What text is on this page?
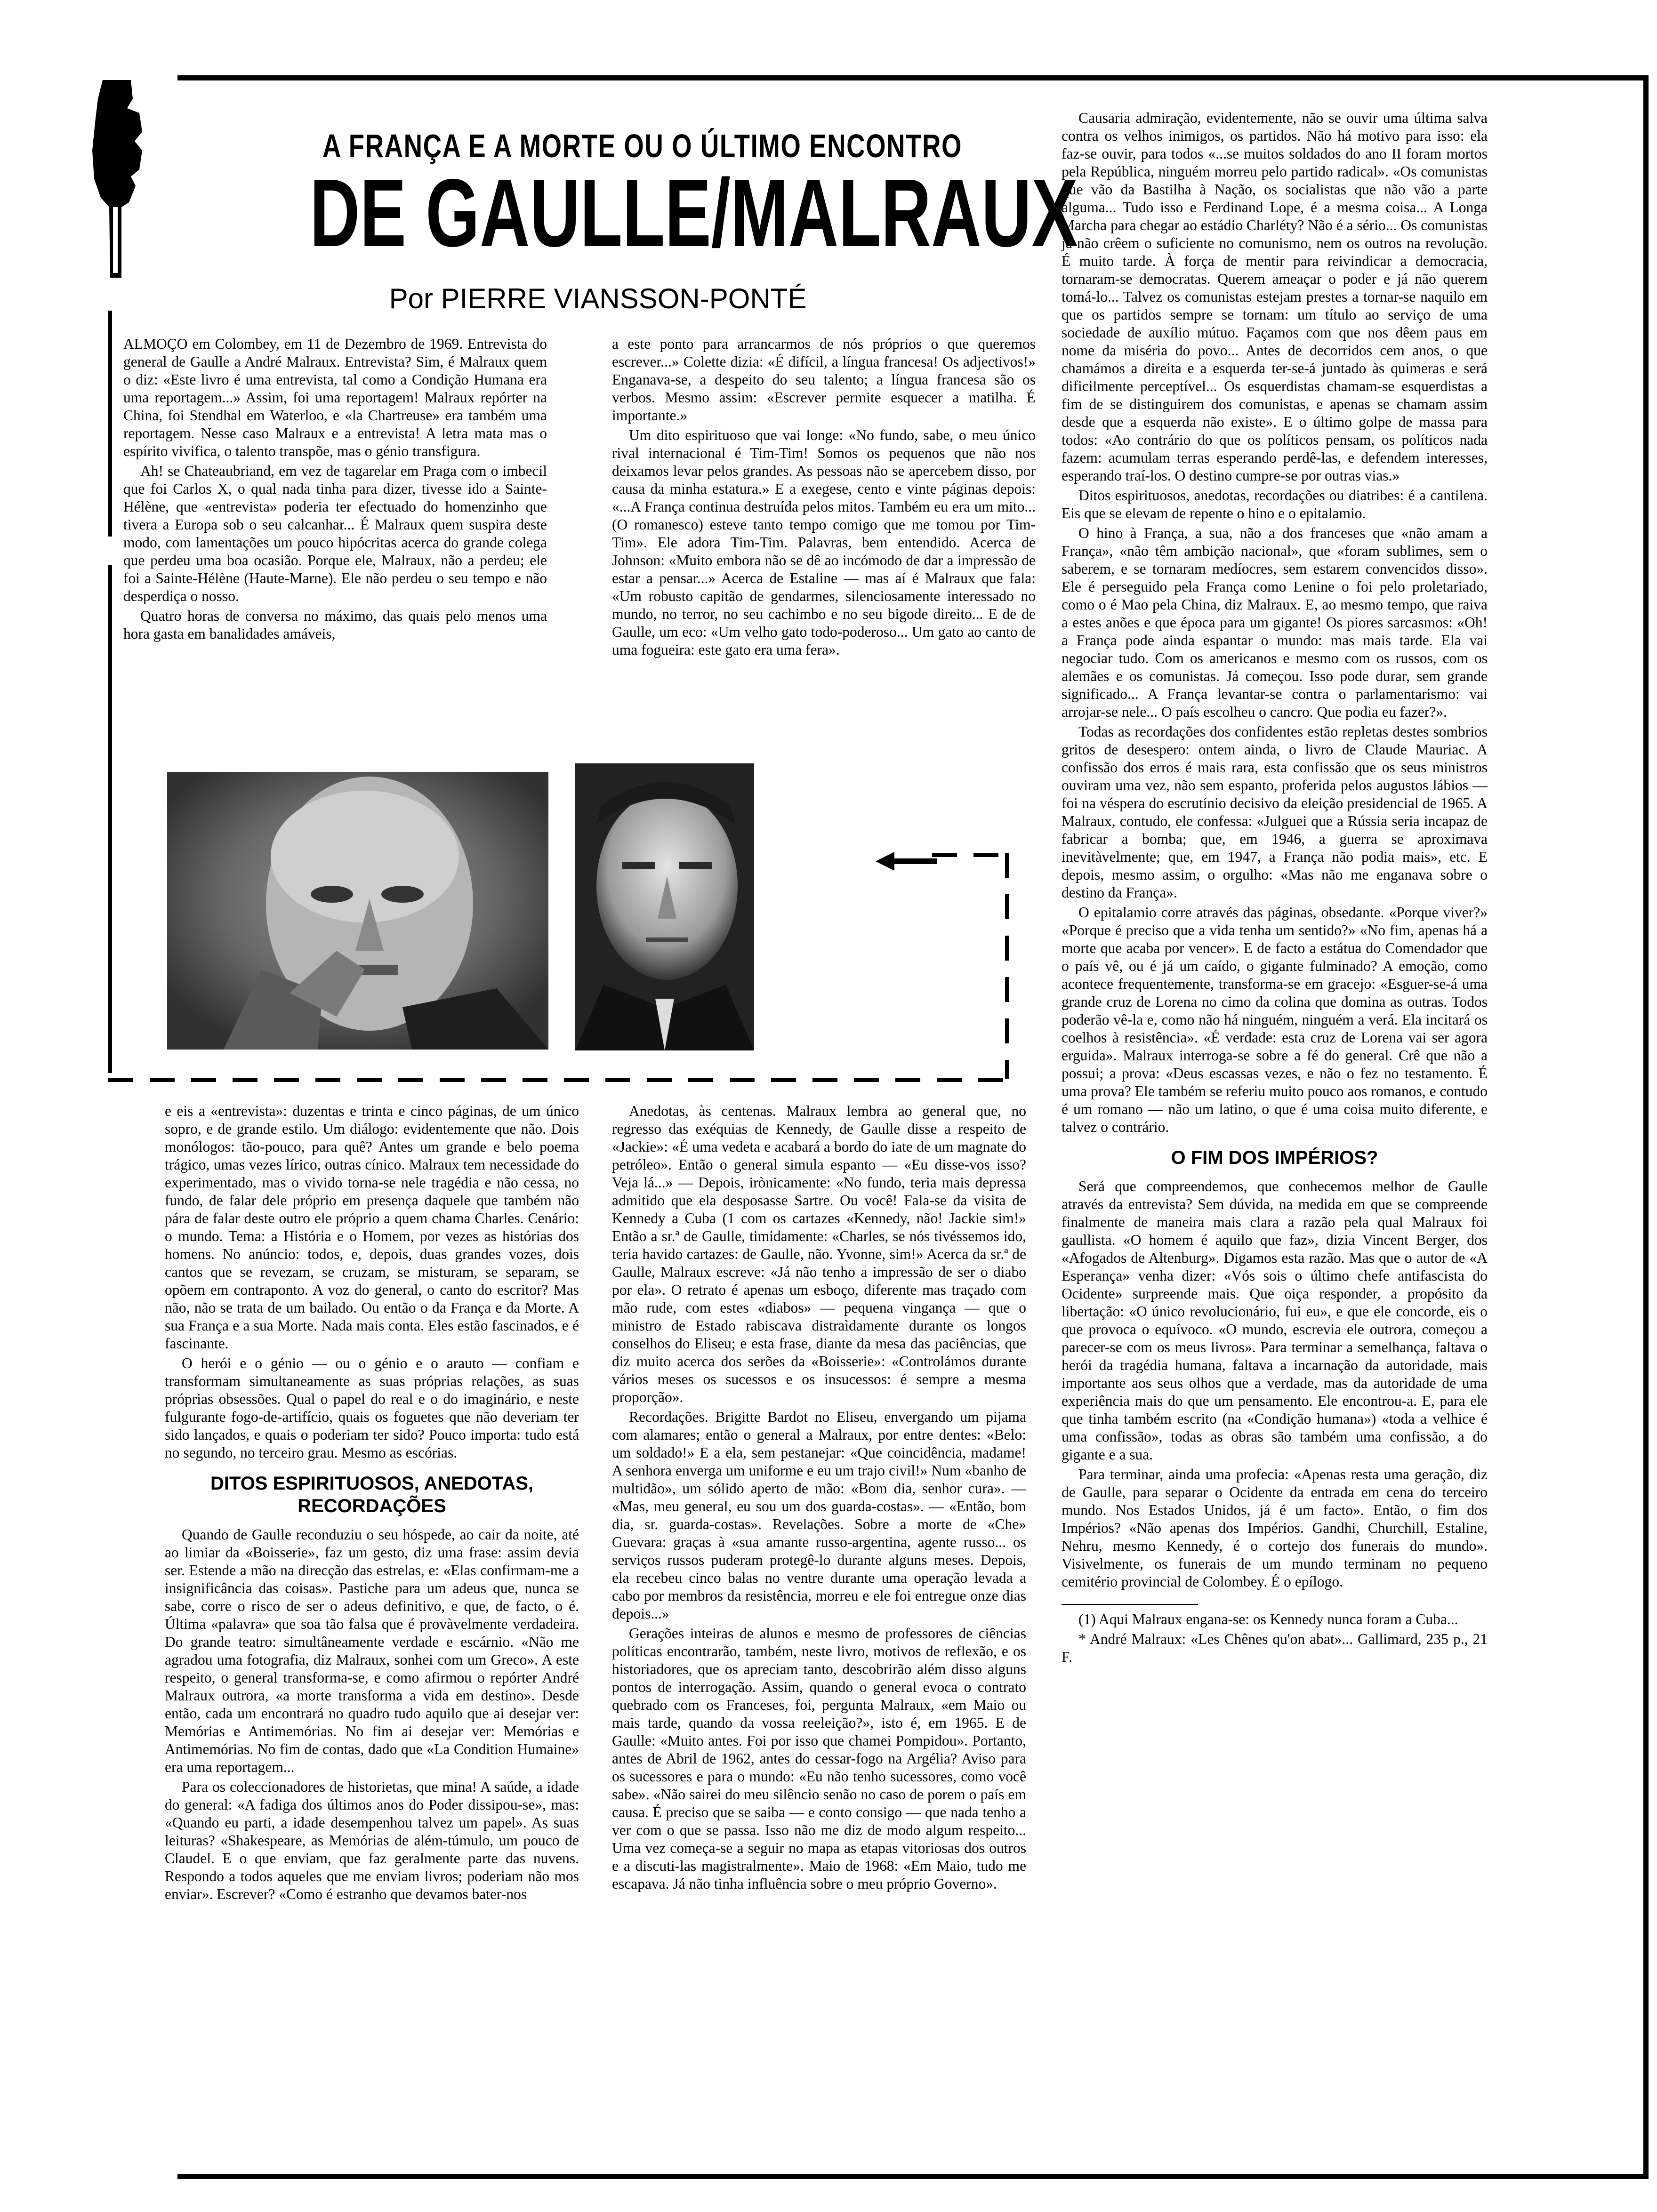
A FRANÇA E A MORTE OU O ÚLTIMO ENCONTRO
DE GAULLE/MALRAUX
Por PIERRE VIANSSON-PONTÉ

ALMOÇO em Colombey, em 11 de Dezembro de 1969. Entrevista do general de Gaulle a André Malraux. Entrevista? Sim, é Malraux quem o diz: «Este livro é uma entrevista, tal como a Condição Humana era uma reportagem...» Assim, foi uma reportagem! Malraux repórter na China, foi Stendhal em Waterloo, e «la Chartreuse» era também uma reportagem. Nesse caso Malraux e a entrevista! A letra mata mas o espírito vivifica, o talento transpõe, mas o génio transfigura.

Ah! se Chateaubriand, em vez de tagarelar em Praga com o imbecil que foi Carlos X, o qual nada tinha para dizer, tivesse ido a Sainte-Hélène, que «entrevista» poderia ter efectuado do homenzinho que tivera a Europa sob o seu calcanhar... É Malraux quem suspira deste modo, com lamentações um pouco hipócritas acerca do grande colega que perdeu uma boa ocasião. Porque ele, Malraux, não a perdeu; ele foi a Sainte-Hélène (Haute-Marne). Ele não perdeu o seu tempo e não desperdiça o nosso.

Quatro horas de conversa no máximo, das quais pelo menos uma hora gasta em banalidades amáveis,

a este ponto para arrancarmos de nós próprios o que queremos escrever...» Colette dizia: «É difícil, a língua francesa! Os adjectivos!» Enganava-se, a despeito do seu talento; a língua francesa são os verbos. Mesmo assim: «Escrever permite esquecer a matilha. É importante.»

Um dito espirituoso que vai longe: «No fundo, sabe, o meu único rival internacional é Tim-Tim! Somos os pequenos que não nos deixamos levar pelos grandes. As pessoas não se apercebem disso, por causa da minha estatura.» E a exegese, cento e vinte páginas depois: «...A França continua destruída pelos mitos. Também eu era um mito... (O romanesco) esteve tanto tempo comigo que me tomou por Tim-Tim». Ele adora Tim-Tim. Palavras, bem entendido. Acerca de Johnson: «Muito embora não se dê ao incómodo de dar a impressão de estar a pensar...» Acerca de Estaline — mas aí é Malraux que fala: «Um robusto capitão de gendarmes, silenciosamente interessado no mundo, no terror, no seu cachimbo e no seu bigode direito... E de de Gaulle, um eco: «Um velho gato todo-poderoso... Um gato ao canto de uma fogueira: este gato era uma fera».

e eis a «entrevista»: duzentas e trinta e cinco páginas, de um único sopro, e de grande estilo. Um diálogo: evidentemente que não. Dois monólogos: tão-pouco, para quê? Antes um grande e belo poema trágico, umas vezes lírico, outras cínico. Malraux tem necessidade do experimentado, mas o vivido torna-se nele tragédia e não cessa, no fundo, de falar dele próprio em presença daquele que também não pára de falar deste outro ele próprio a quem chama Charles. Cenário: o mundo. Tema: a História e o Homem, por vezes as histórias dos homens. No anúncio: todos, e, depois, duas grandes vozes, dois cantos que se revezam, se cruzam, se misturam, se separam, se opõem em contraponto. A voz do general, o canto do escritor? Mas não, não se trata de um bailado. Ou então o da França e da Morte. A sua França e a sua Morte. Nada mais conta. Eles estão fascinados, e é fascinante.

O herói e o génio — ou o génio e o arauto — confiam e transformam simultaneamente as suas próprias relações, as suas próprias obsessões. Qual o papel do real e o do imaginário, e neste fulgurante fogo-de-artifício, quais os foguetes que não deveriam ter sido lançados, e quais o poderiam ter sido? Pouco importa: tudo está no segundo, no terceiro grau. Mesmo as escórias.

DITOS ESPIRITUOSOS, ANEDOTAS, RECORDAÇÕES

Quando de Gaulle reconduziu o seu hóspede, ao cair da noite, até ao limiar da «Boisserie», faz um gesto, diz uma frase: assim devia ser. Estende a mão na direcção das estrelas, e: «Elas confirmam-me a insignificância das coisas». Pastiche para um adeus que, nunca se sabe, corre o risco de ser o adeus definitivo, e que, de facto, o é. Última «palavra» que soa tão falsa que é provàvelmente verdadeira. Do grande teatro: simultâneamente verdade e escárnio. «Não me agradou uma fotografia, diz Malraux, sonhei com um Greco». A este respeito, o general transforma-se, e como afirmou o repórter André Malraux outrora, «a morte transforma a vida em destino». Desde então, cada um encontrará no quadro tudo aquilo que ai desejar ver: Memórias e Antimemórias. No fim ai desejar ver: Memórias e Antimemórias. No fim de contas, dado que «La Condition Humaine» era uma reportagem...

Para os coleccionadores de historietas, que mina! A saúde, a idade do general: «A fadiga dos últimos anos do Poder dissipou-se», mas: «Quando eu parti, a idade desempenhou talvez um papel». As suas leituras? «Shakespeare, as Memórias de além-túmulo, um pouco de Claudel. E o que enviam, que faz geralmente parte das nuvens. Respondo a todos aqueles que me enviam livros; poderiam não mos enviar». Escrever? «Como é estranho que devamos bater-nos

Anedotas, às centenas. Malraux lembra ao general que, no regresso das exéquias de Kennedy, de Gaulle disse a respeito de «Jackie»: «É uma vedeta e acabará a bordo do iate de um magnate do petróleo». Então o general simula espanto — «Eu disse-vos isso? Veja lá...» — Depois, irònicamente: «No fundo, teria mais depressa admitido que ela desposasse Sartre. Ou você! Fala-se da visita de Kennedy a Cuba (1 com os cartazes «Kennedy, não! Jackie sim!» Então a sr.ª de Gaulle, timidamente: «Charles, se nós tivéssemos ido, teria havido cartazes: de Gaulle, não. Yvonne, sim!» Acerca da sr.ª de Gaulle, Malraux escreve: «Já não tenho a impressão de ser o diabo por ela». O retrato é apenas um esboço, diferente mas traçado com mão rude, com estes «diabos» — pequena vingança — que o ministro de Estado rabiscava distraìdamente durante os longos conselhos do Eliseu; e esta frase, diante da mesa das paciências, que diz muito acerca dos serões da «Boisserie»: «Controlámos durante vários meses os sucessos e os insucessos: é sempre a mesma proporção».

Recordações. Brigitte Bardot no Eliseu, envergando um pijama com alamares; então o general a Malraux, por entre dentes: «Belo: um soldado!» E a ela, sem pestanejar: «Que coincidência, madame! A senhora enverga um uniforme e eu um trajo civil!» Num «banho de multidão», um sólido aperto de mão: «Bom dia, senhor cura». — «Mas, meu general, eu sou um dos guarda-costas». — «Então, bom dia, sr. guarda-costas». Revelações. Sobre a morte de «Che» Guevara: graças à «sua amante russo-argentina, agente russo... os serviços russos puderam protegê-lo durante alguns meses. Depois, ela recebeu cinco balas no ventre durante uma operação levada a cabo por membros da resistência, morreu e ele foi entregue onze dias depois...»

Gerações inteiras de alunos e mesmo de professores de ciências políticas encontrarão, também, neste livro, motivos de reflexão, e os historiadores, que os apreciam tanto, descobrirão além disso alguns pontos de interrogação. Assim, quando o general evoca o contrato quebrado com os Franceses, foi, pergunta Malraux, «em Maio ou mais tarde, quando da vossa reeleição?», isto é, em 1965. E de Gaulle: «Muito antes. Foi por isso que chamei Pompidou». Portanto, antes de Abril de 1962, antes do cessar-fogo na Argélia? Aviso para os sucessores e para o mundo: «Eu não tenho sucessores, como você sabe». «Não sairei do meu silêncio senão no caso de porem o país em causa. É preciso que se saiba — e conto consigo — que nada tenho a ver com o que se passa. Isso não me diz de modo algum respeito... Uma vez começa-se a seguir no mapa as etapas vitoriosas dos outros e a discuti-las magistralmente». Maio de 1968: «Em Maio, tudo me escapava. Já não tinha influência sobre o meu próprio Governo».

Causaria admiração, evidentemente, não se ouvir uma última salva contra os velhos inimigos, os partidos. Não há motivo para isso: ela faz-se ouvir, para todos «...se muitos soldados do ano II foram mortos pela República, ninguém morreu pelo partido radical». «Os comunistas que vão da Bastilha à Nação, os socialistas que não vão a parte alguma... Tudo isso e Ferdinand Lope, é a mesma coisa... A Longa Marcha para chegar ao estádio Charléty? Não é a sério... Os comunistas já não crêem o suficiente no comunismo, nem os outros na revolução. É muito tarde. À força de mentir para reivindicar a democracia, tornaram-se democratas. Querem ameaçar o poder e já não querem tomá-lo... Talvez os comunistas estejam prestes a tornar-se naquilo em que os partidos sempre se tornam: um título ao serviço de uma sociedade de auxílio mútuo. Façamos com que nos dêem paus em nome da miséria do povo... Antes de decorridos cem anos, o que chamámos a direita e a esquerda ter-se-á juntado às quimeras e será dificilmente perceptível... Os esquerdistas chamam-se esquerdistas a fim de se distinguirem dos comunistas, e apenas se chamam assim desde que a esquerda não existe». E o último golpe de massa para todos: «Ao contrário do que os políticos pensam, os políticos nada fazem: acumulam terras esperando perdê-las, e defendem interesses, esperando traí-los. O destino cumpre-se por outras vias.»

Ditos espirituosos, anedotas, recordações ou diatribes: é a cantilena. Eis que se elevam de repente o hino e o epitalamio.

O hino à França, a sua, não a dos franceses que «não amam a França», «não têm ambição nacional», que «foram sublimes, sem o saberem, e se tornaram medíocres, sem estarem convencidos disso». Ele é perseguido pela França como Lenine o foi pelo proletariado, como o é Mao pela China, diz Malraux. E, ao mesmo tempo, que raiva a estes anões e que época para um gigante! Os piores sarcasmos: «Oh! a França pode ainda espantar o mundo: mas mais tarde. Ela vai negociar tudo. Com os americanos e mesmo com os russos, com os alemães e os comunistas. Já começou. Isso pode durar, sem grande significado... A França levantar-se contra o parlamentarismo: vai arrojar-se nele... O país escolheu o cancro. Que podia eu fazer?».

Todas as recordações dos confidentes estão repletas destes sombrios gritos de desespero: ontem ainda, o livro de Claude Mauriac. A confissão dos erros é mais rara, esta confissão que os seus ministros ouviram uma vez, não sem espanto, proferida pelos augustos lábios — foi na véspera do escrutínio decisivo da eleição presidencial de 1965. A Malraux, contudo, ele confessa: «Julguei que a Rússia seria incapaz de fabricar a bomba; que, em 1946, a guerra se aproximava inevitàvelmente; que, em 1947, a França não podia mais», etc. E depois, mesmo assim, o orgulho: «Mas não me enganava sobre o destino da França».

O epitalamio corre através das páginas, obsedante. «Porque viver?» «Porque é preciso que a vida tenha um sentido?» «No fim, apenas há a morte que acaba por vencer». E de facto a estátua do Comendador que o país vê, ou é já um caído, o gigante fulminado? A emoção, como acontece frequentemente, transforma-se em gracejo: «Esguer-se-á uma grande cruz de Lorena no cimo da colina que domina as outras. Todos poderão vê-la e, como não há ninguém, ninguém a verá. Ela incitará os coelhos à resistência». «É verdade: esta cruz de Lorena vai ser agora erguida». Malraux interroga-se sobre a fé do general. Crê que não a possui; a prova: «Deus escassas vezes, e não o fez no testamento. É uma prova? Ele também se referiu muito pouco aos romanos, e contudo é um romano — não um latino, o que é uma coisa muito diferente, e talvez o contrário.

O FIM DOS IMPÉRIOS?

Será que compreendemos, que conhecemos melhor de Gaulle através da entrevista? Sem dúvida, na medida em que se compreende finalmente de maneira mais clara a razão pela qual Malraux foi gaullista. «O homem é aquilo que faz», dizia Vincent Berger, dos «Afogados de Altenburg». Digamos esta razão. Mas que o autor de «A Esperança» venha dizer: «Vós sois o último chefe antifascista do Ocidente» surpreende mais. Que oiça responder, a propósito da libertação: «O único revolucionário, fui eu», e que ele concorde, eis o que provoca o equívoco. «O mundo, escrevia ele outrora, começou a parecer-se com os meus livros». Para terminar a semelhança, faltava o herói da tragédia humana, faltava a incarnação da autoridade, mais importante aos seus olhos que a verdade, mas da autoridade de uma experiência mais do que um pensamento. Ele encontrou-a. E, para ele que tinha também escrito (na «Condição humana») «toda a velhice é uma confissão», todas as obras são também uma confissão, a do gigante e a sua.

Para terminar, ainda uma profecia: «Apenas resta uma geração, diz de Gaulle, para separar o Ocidente da entrada em cena do terceiro mundo. Nos Estados Unidos, já é um facto». Então, o fim dos Impérios? «Não apenas dos Impérios. Gandhi, Churchill, Estaline, Nehru, mesmo Kennedy, é o cortejo dos funerais do mundo». Visivelmente, os funerais de um mundo terminam no pequeno cemitério provincial de Colombey. É o epílogo.

(1) Aqui Malraux engana-se: os Kennedy nunca foram a Cuba...

* André Malraux: «Les Chênes qu'on abat»... Gallimard, 235 p., 21 F.
